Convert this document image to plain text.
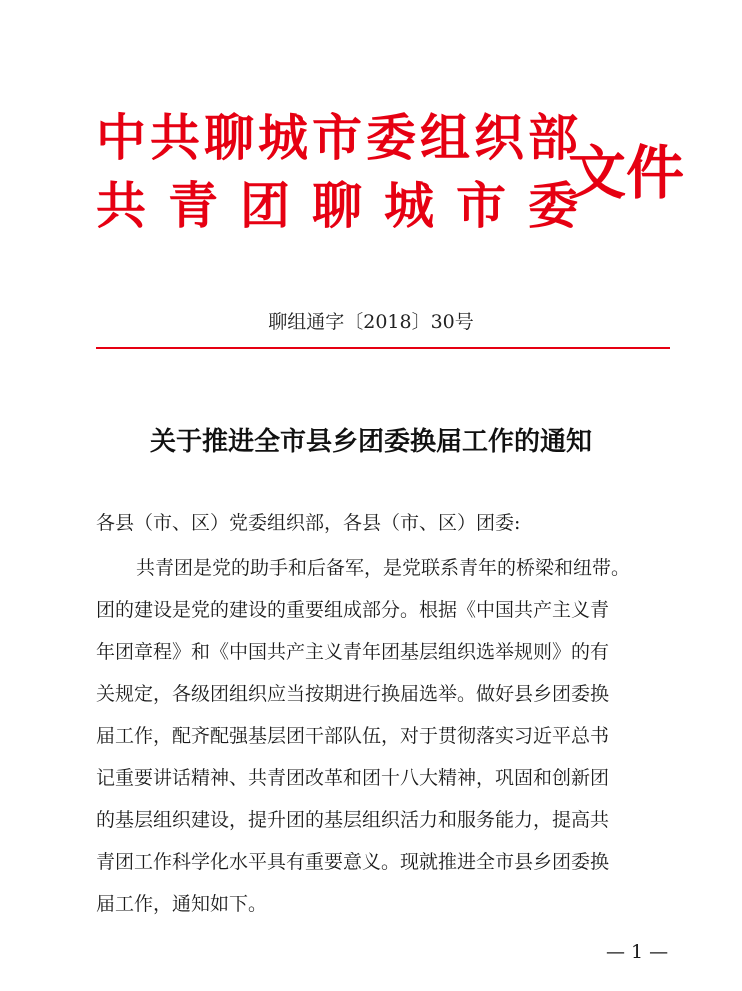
中共聊城市委组织部
共青团聊城市委
文件
聊组通字〔2018〕30号
关于推进全市县乡团委换届工作的通知
各县（市、区）党委组织部，各县（市、区）团委:
共青团是党的助手和后备军，是党联系青年的桥梁和纽带。
团的建设是党的建设的重要组成部分。根据《中国共产主义青
年团章程》和《中国共产主义青年团基层组织选举规则》的有
关规定，各级团组织应当按期进行换届选举。做好县乡团委换
届工作，配齐配强基层团干部队伍，对于贯彻落实习近平总书
记重要讲话精神、共青团改革和团十八大精神，巩固和创新团
的基层组织建设，提升团的基层组织活力和服务能力，提高共
青团工作科学化水平具有重要意义。现就推进全市县乡团委换
届工作，通知如下。
— 1 —
